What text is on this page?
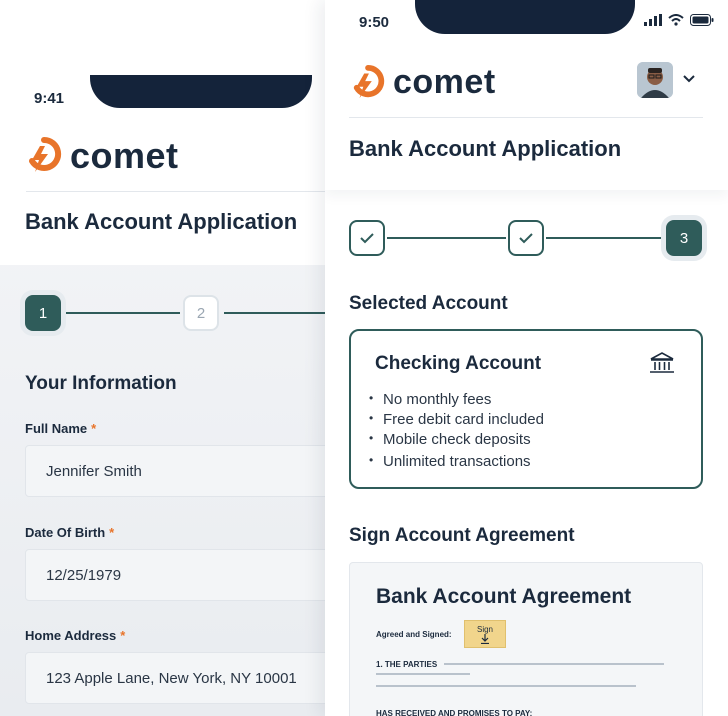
9:41
comet
Bank Account Application
1	2
Your Information
Full Name *
Jennifer Smith
Date Of Birth *
12/25/1979
Home Address *
123 Apple Lane, New York, NY 10001
9:50
comet
Bank Account Application
3
Selected Account
Checking Account
• No monthly fees
• Free debit card included
• Mobile check deposits
• Unlimited transactions
Sign Account Agreement
Bank Account Agreement
Agreed and Signed:
Sign
1. THE PARTIES
HAS RECEIVED AND PROMISES TO PAY:
